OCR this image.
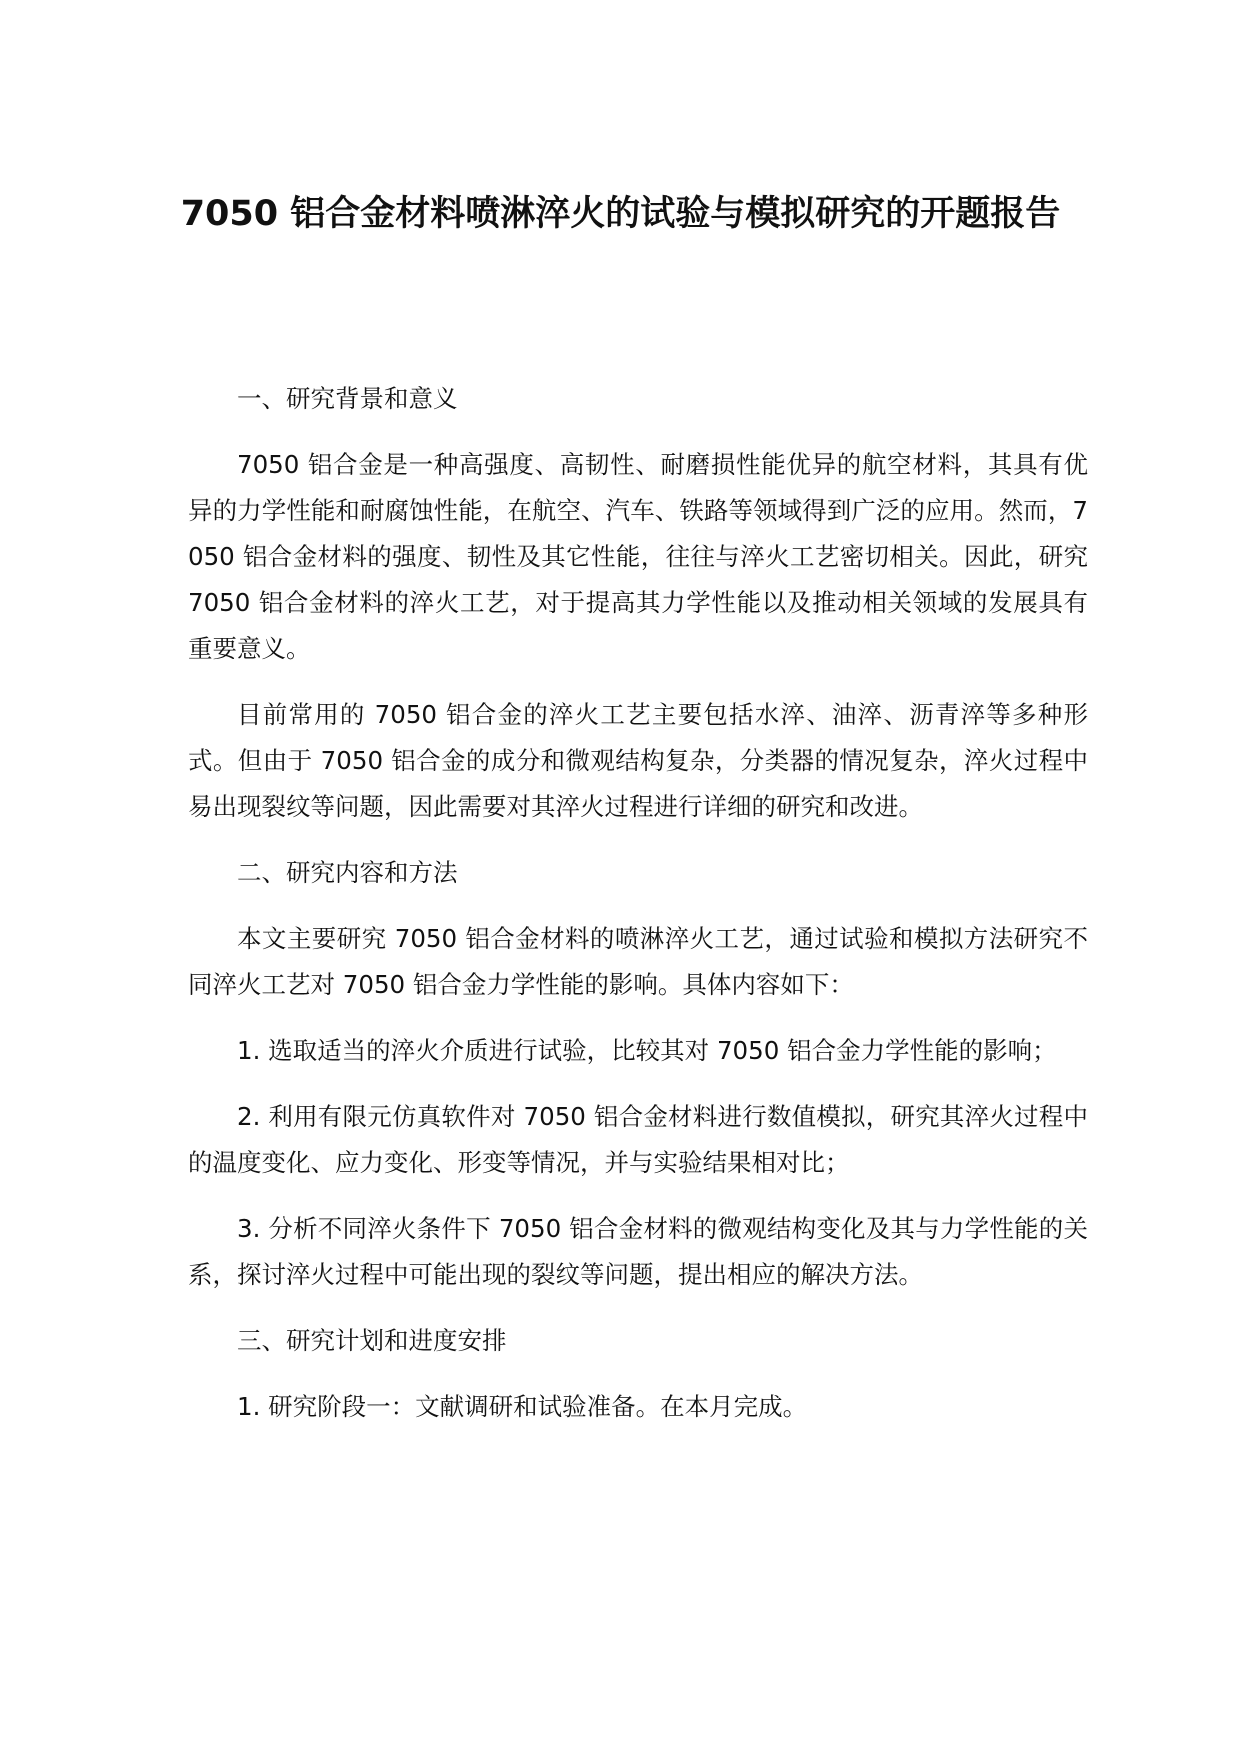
7050 铝合金材料喷淋淬火的试验与模拟研究的开题报告

一、研究背景和意义

7050 铝合金是一种高强度、高韧性、耐磨损性能优异的航空材料，其具有优异的力学性能和耐腐蚀性能，在航空、汽车、铁路等领域得到广泛的应用。然而，7050 铝合金材料的强度、韧性及其它性能，往往与淬火工艺密切相关。因此，研究 7050 铝合金材料的淬火工艺，对于提高其力学性能以及推动相关领域的发展具有重要意义。

目前常用的 7050 铝合金的淬火工艺主要包括水淬、油淬、沥青淬等多种形式。但由于 7050 铝合金的成分和微观结构复杂，分类器的情况复杂，淬火过程中易出现裂纹等问题，因此需要对其淬火过程进行详细的研究和改进。

二、研究内容和方法

本文主要研究 7050 铝合金材料的喷淋淬火工艺，通过试验和模拟方法研究不同淬火工艺对 7050 铝合金力学性能的影响。具体内容如下：

1. 选取适当的淬火介质进行试验，比较其对 7050 铝合金力学性能的影响；

2. 利用有限元仿真软件对 7050 铝合金材料进行数值模拟，研究其淬火过程中的温度变化、应力变化、形变等情况，并与实验结果相对比；

3. 分析不同淬火条件下 7050 铝合金材料的微观结构变化及其与力学性能的关系，探讨淬火过程中可能出现的裂纹等问题，提出相应的解决方法。

三、研究计划和进度安排

1. 研究阶段一：文献调研和试验准备。在本月完成。
